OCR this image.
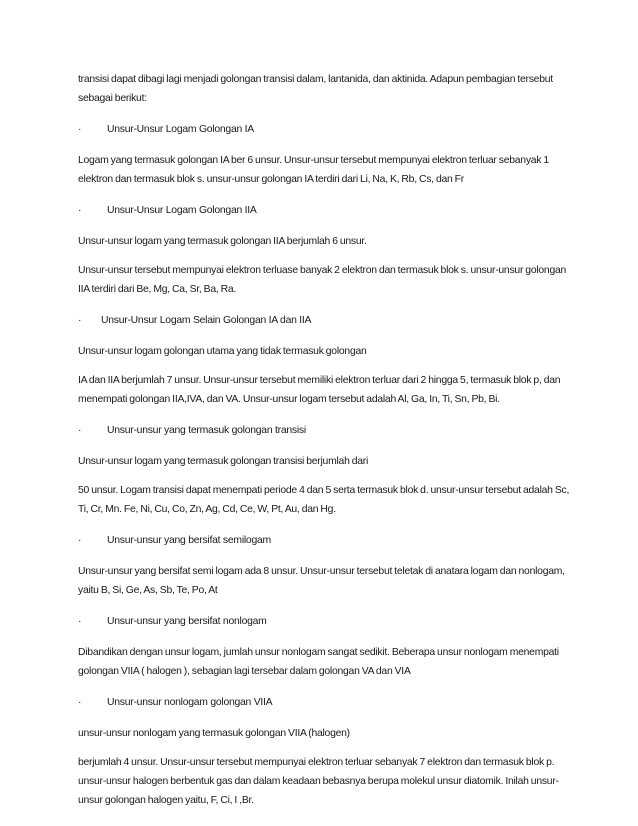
transisi dapat dibagi lagi menjadi golongan transisi dalam, lantanida, dan aktinida. Adapun pembagian tersebut sebagai berikut:

·	Unsur-Unsur Logam Golongan IA

Logam yang termasuk golongan IA ber 6 unsur. Unsur-unsur tersebut mempunyai elektron terluar sebanyak 1 elektron dan termasuk blok s. unsur-unsur golongan IA terdiri dari Li, Na, K, Rb, Cs, dan Fr

·	Unsur-Unsur Logam Golongan IIA

Unsur-unsur logam yang termasuk golongan IIA berjumlah 6 unsur.

Unsur-unsur tersebut mempunyai elektron terluase banyak 2 elektron dan termasuk blok s. unsur-unsur golongan IIA terdiri dari Be, Mg, Ca, Sr, Ba, Ra.

·	Unsur-Unsur Logam Selain Golongan IA dan IIA

Unsur-unsur logam golongan utama yang tidak termasuk golongan

IA dan IIA berjumlah 7 unsur. Unsur-unsur tersebut memiliki elektron terluar dari 2 hingga 5, termasuk blok p, dan menempati golongan IIA,IVA, dan VA. Unsur-unsur logam tersebut adalah Al, Ga, In, Ti, Sn, Pb, Bi.

·	Unsur-unsur yang termasuk golongan transisi

Unsur-unsur logam yang termasuk golongan transisi berjumlah dari

50 unsur. Logam transisi dapat menempati periode 4 dan 5 serta termasuk blok d. unsur-unsur tersebut adalah Sc, Ti, Cr, Mn. Fe, Ni, Cu, Co, Zn, Ag, Cd, Ce, W, Pt, Au, dan Hg.

·	Unsur-unsur yang bersifat semilogam

Unsur-unsur yang bersifat semi logam ada 8 unsur. Unsur-unsur tersebut teletak di anatara logam dan nonlogam, yaitu B, Si, Ge, As, Sb, Te, Po, At

·	Unsur-unsur yang bersifat nonlogam

Dibandikan dengan unsur logam, jumlah unsur nonlogam sangat sedikit. Beberapa unsur nonlogam menempati golongan VIIA ( halogen ), sebagian lagi tersebar dalam golongan VA dan VIA

·	Unsur-unsur nonlogam golongan VIIA

unsur-unsur nonlogam yang termasuk golongan VIIA (halogen)

berjumlah 4 unsur. Unsur-unsur tersebut mempunyai elektron terluar sebanyak 7 elektron dan termasuk blok p. unsur-unsur halogen berbentuk gas dan dalam keadaan bebasnya berupa molekul unsur diatomik. Inilah unsur-unsur golongan halogen yaitu, F, Ci, I ,Br.
